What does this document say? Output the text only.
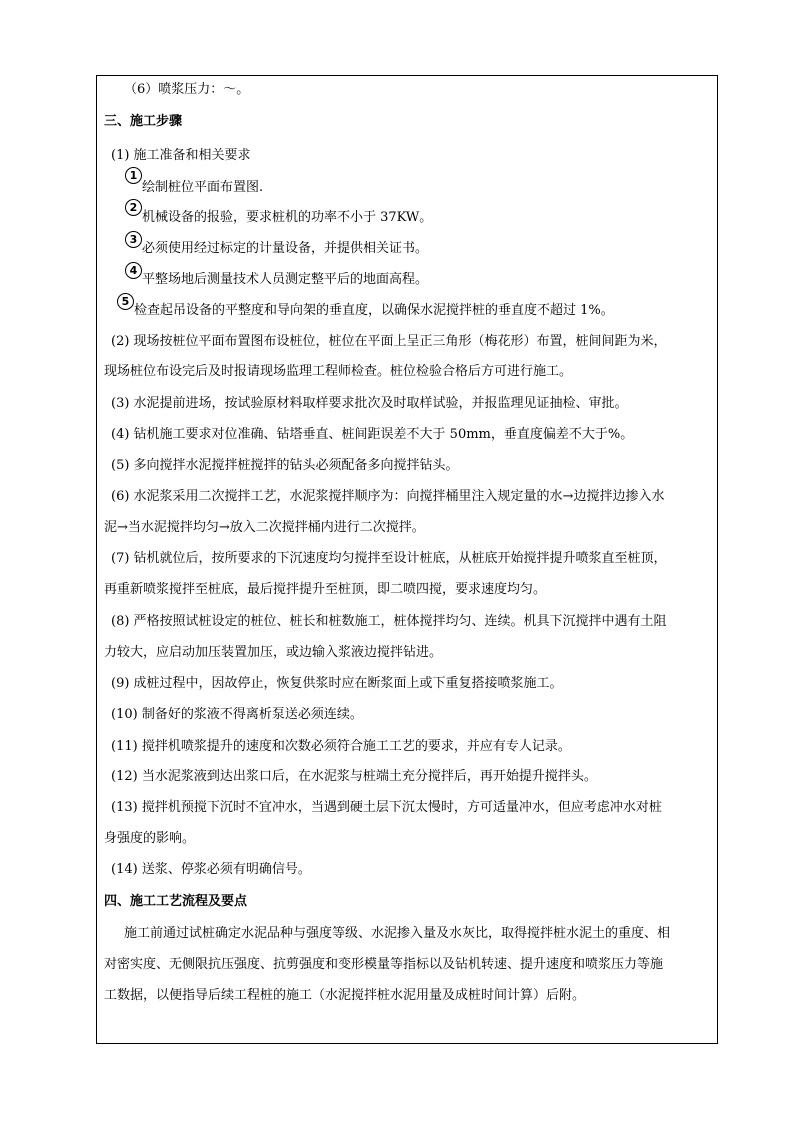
（6）喷浆压力：～。
三、施工步骤
(1) 施工准备和相关要求
1
绘制桩位平面布置图.
2
机械设备的报验，要求桩机的功率不小于 37KW。
3
必须使用经过标定的计量设备，并提供相关证书。
4
平整场地后测量技术人员测定整平后的地面高程。
5
检查起吊设备的平整度和导向架的垂直度，以确保水泥搅拌桩的垂直度不超过 1%。
(2) 现场按桩位平面布置图布设桩位，桩位在平面上呈正三角形（梅花形）布置，桩间间距为米，
现场桩位布设完后及时报请现场监理工程师检查。桩位检验合格后方可进行施工。
(3) 水泥提前进场，按试验原材料取样要求批次及时取样试验，并报监理见证抽检、审批。
(4) 钻机施工要求对位准确、钻塔垂直、桩间距误差不大于 50mm，垂直度偏差不大于%。
(5) 多向搅拌水泥搅拌桩搅拌的钻头必须配备多向搅拌钻头。
(6) 水泥浆采用二次搅拌工艺，水泥浆搅拌顺序为：向搅拌桶里注入规定量的水→边搅拌边掺入水
泥→当水泥搅拌均匀→放入二次搅拌桶内进行二次搅拌。
(7) 钻机就位后，按所要求的下沉速度均匀搅拌至设计桩底，从桩底开始搅拌提升喷浆直至桩顶，
再重新喷浆搅拌至桩底，最后搅拌提升至桩顶，即二喷四搅，要求速度均匀。
(8) 严格按照试桩设定的桩位、桩长和桩数施工，桩体搅拌均匀、连续。机具下沉搅拌中遇有土阻
力较大，应启动加压装置加压，或边输入浆液边搅拌钻进。
(9) 成桩过程中，因故停止，恢复供浆时应在断浆面上或下重复搭接喷浆施工。
(10) 制备好的浆液不得离析泵送必须连续。
(11) 搅拌机喷浆提升的速度和次数必须符合施工工艺的要求，并应有专人记录。
(12) 当水泥浆液到达出浆口后，在水泥浆与桩端土充分搅拌后，再开始提升搅拌头。
(13) 搅拌机预搅下沉时不宜冲水，当遇到硬土层下沉太慢时，方可适量冲水，但应考虑冲水对桩
身强度的影响。
(14) 送浆、停浆必须有明确信号。
四、施工工艺流程及要点
施工前通过试桩确定水泥品种与强度等级、水泥掺入量及水灰比，取得搅拌桩水泥土的重度、相
对密实度、无侧限抗压强度、抗剪强度和变形模量等指标以及钻机转速、提升速度和喷浆压力等施
工数据，以便指导后续工程桩的施工（水泥搅拌桩水泥用量及成桩时间计算）后附。
